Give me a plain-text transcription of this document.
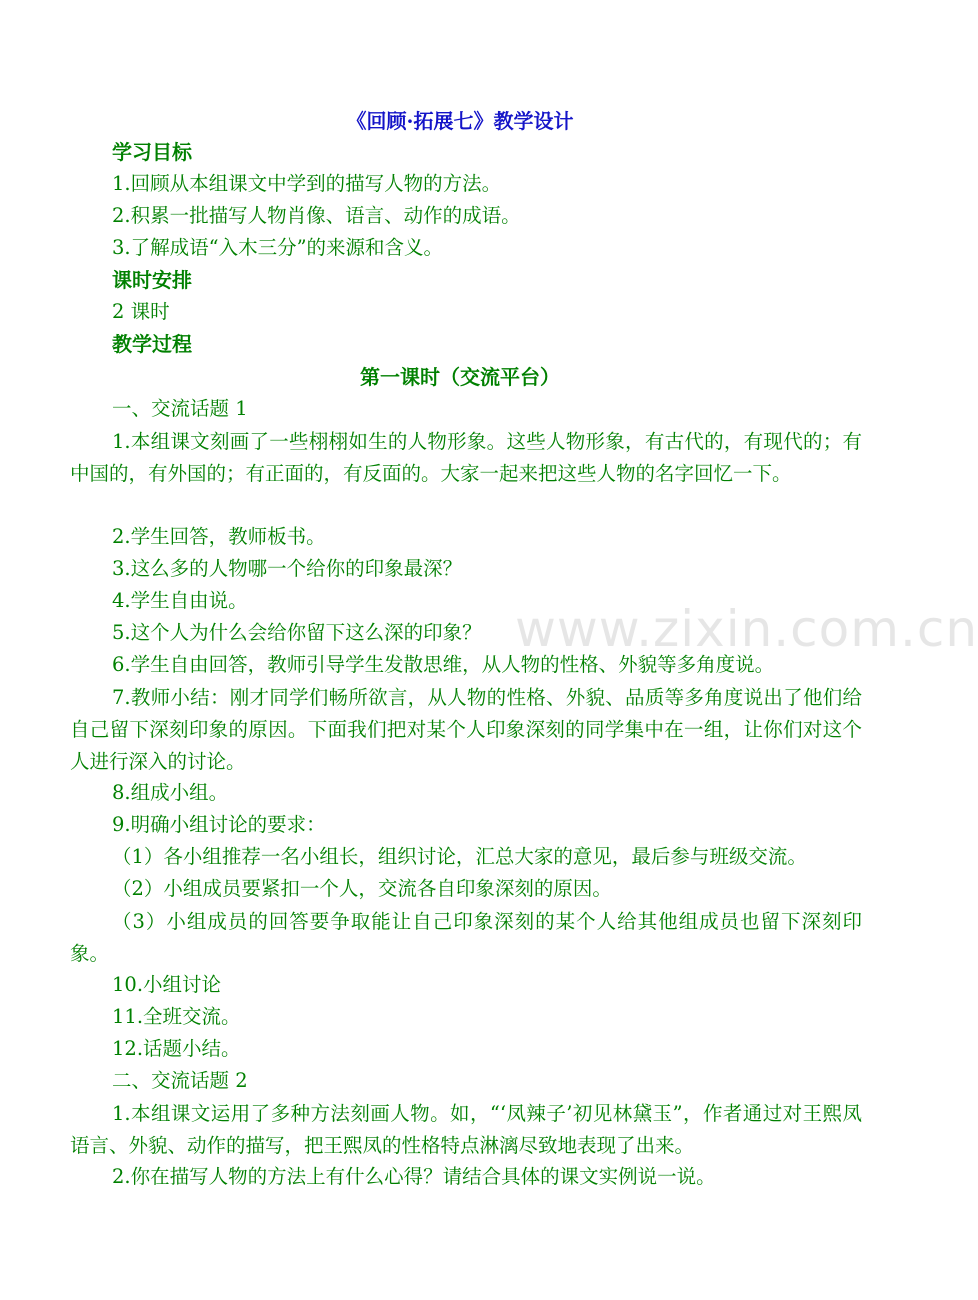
《回顾·拓展七》教学设计
学习目标
1.回顾从本组课文中学到的描写人物的方法。
2.积累一批描写人物肖像、语言、动作的成语。
3.了解成语“入木三分”的来源和含义。
课时安排
2 课时
教学过程
第一课时（交流平台）
一、交流话题 1
1.本组课文刻画了一些栩栩如生的人物形象。这些人物形象，有古代的，有现代的；有中国的，有外国的；有正面的，有反面的。大家一起来把这些人物的名字回忆一下。
2.学生回答，教师板书。
3.这么多的人物哪一个给你的印象最深？
4.学生自由说。
5.这个人为什么会给你留下这么深的印象？
6.学生自由回答，教师引导学生发散思维，从人物的性格、外貌等多角度说。
7.教师小结：刚才同学们畅所欲言，从人物的性格、外貌、品质等多角度说出了他们给自己留下深刻印象的原因。下面我们把对某个人印象深刻的同学集中在一组，让你们对这个人进行深入的讨论。
8.组成小组。
9.明确小组讨论的要求：
（1）各小组推荐一名小组长，组织讨论，汇总大家的意见，最后参与班级交流。
（2）小组成员要紧扣一个人，交流各自印象深刻的原因。
（3）小组成员的回答要争取能让自己印象深刻的某个人给其他组成员也留下深刻印象。
10.小组讨论
11.全班交流。
12.话题小结。
二、交流话题 2
1.本组课文运用了多种方法刻画人物。如，“‘凤辣子’初见林黛玉”，作者通过对王熙凤语言、外貌、动作的描写，把王熙凤的性格特点淋漓尽致地表现了出来。
2.你在描写人物的方法上有什么心得？请结合具体的课文实例说一说。
www.zixin.com.cn
